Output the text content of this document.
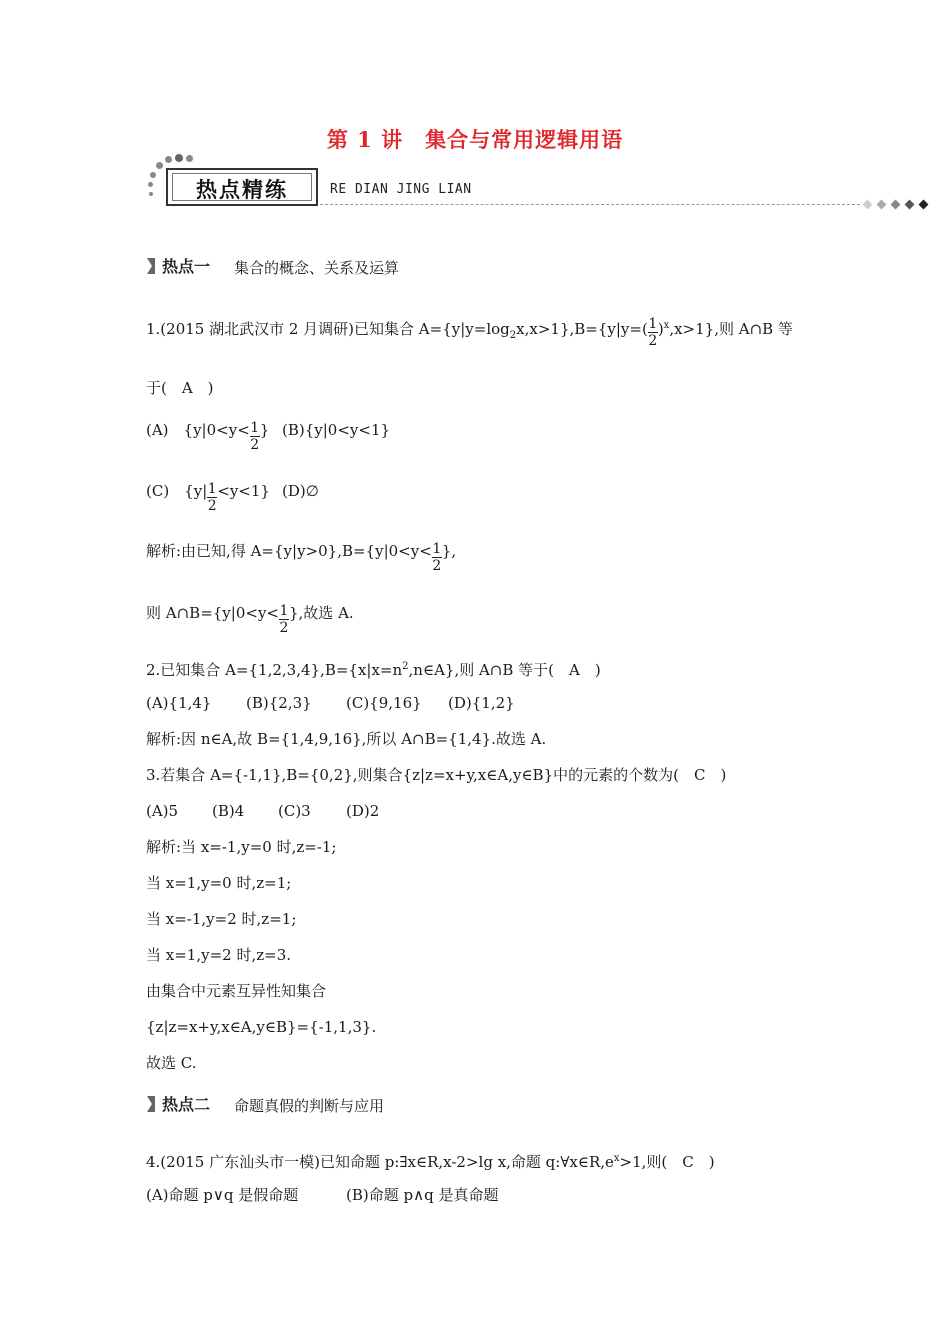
第 1 讲　集合与常用逻辑用语
热点精练	RE DIAN JING LIAN
热点一 集合的概念、关系及运算
1.(2015 湖北武汉市 2 月调研)已知集合 $A=\{y|y=\log_2x,x>1\},B=\{y|y=( \frac{1}{2} )^x,x>1\}$,则 A∩B 等
于(　A　)
(A)　{$y|0<y< \frac{1}{2}$ } (B){y|0<y<1}
(C)　$\{y| \frac{1}{2} <y<1\}$ (D)∅
解析:由已知,得 $A=\{y|y>0\},B=\{y|0<y< \frac{1}{2}$ },
则 A∩B={y|0<y< $\frac{1}{2}$ },故选 A.
2.已知集合 $A=\{1,2,3,4\},B=\{x|x=n^2,n\in A\}$,则 A∩B 等于(　A　)
(A){1,4} (B){2,3} (C){9,16} (D){1,2}
解析:因 n∈A,故 B={1,4,9,16},所以 A∩B={1,4}.故选 A.
3.若集合 A={-1,1},B={0,2},则集合{z|z=x+y,x∈A,y∈B}中的元素的个数为(　C　)
(A)5 (B)4 (C)3 (D)2
解析:当 x=-1,y=0 时,z=-1;
当 x=1,y=0 时,z=1;
当 x=-1,y=2 时,z=1;
当 x=1,y=2 时,z=3.
由集合中元素互异性知集合
{z|z=x+y,x∈A,y∈B}={-1,1,3}.
故选 C.
热点二 命题真假的判断与应用
4.(2015 广东汕头市一模)已知命题 p:∃x∈R,x-2>lg x,命题 $q:\forall x\in R,e^x>1$,则(　C　)
(A)命题 p∨q 是假命题	(B)命题 p∧q 是真命题
